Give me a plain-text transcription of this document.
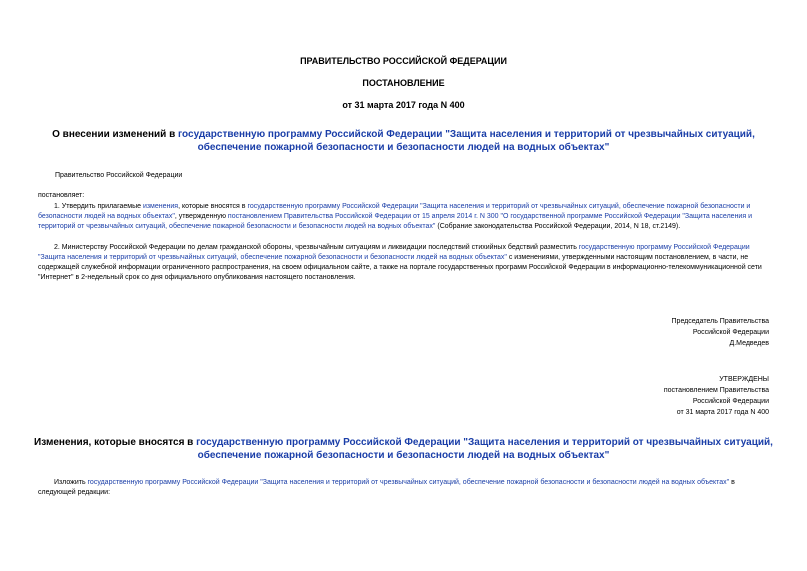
ПРАВИТЕЛЬСТВО РОССИЙСКОЙ ФЕДЕРАЦИИ
ПОСТАНОВЛЕНИЕ
от 31 марта 2017 года N 400
О внесении изменений в государственную программу Российской Федерации "Защита населения и территорий от чрезвычайных ситуаций, обеспечение пожарной безопасности и безопасности людей на водных объектах"
Правительство Российской Федерации
постановляет:

1. Утвердить прилагаемые изменения, которые вносятся в государственную программу Российской Федерации "Защита населения и территорий от чрезвычайных ситуаций, обеспечение пожарной безопасности и безопасности людей на водных объектах", утвержденную постановлением Правительства Российской Федерации от 15 апреля 2014 г. N 300 "О государственной программе Российской Федерации "Защита населения и территорий от чрезвычайных ситуаций, обеспечение пожарной безопасности и безопасности людей на водных объектах" (Собрание законодательства Российской Федерации, 2014, N 18, ст.2149).

2. Министерству Российской Федерации по делам гражданской обороны, чрезвычайным ситуациям и ликвидации последствий стихийных бедствий разместить государственную программу Российской Федерации "Защита населения и территорий от чрезвычайных ситуаций, обеспечение пожарной безопасности и безопасности людей на водных объектах" с изменениями, утвержденными настоящим постановлением, в части, не содержащей служебной информации ограниченного распространения, на своем официальном сайте, а также на портале государственных программ Российской Федерации в информационно-телекоммуникационной сети "Интернет" в 2-недельный срок со дня официального опубликования настоящего постановления.

Председатель Правительства
Российской Федерации
Д.Медведев
УТВЕРЖДЕНЫ
постановлением Правительства
Российской Федерации
от 31 марта 2017 года N 400
Изменения, которые вносятся в государственную программу Российской Федерации "Защита населения и территорий от чрезвычайных ситуаций, обеспечение пожарной безопасности и безопасности людей на водных объектах"

Изложить государственную программу Российской Федерации "Защита населения и территорий от чрезвычайных ситуаций, обеспечение пожарной безопасности и безопасности людей на водных объектах" в следующей редакции:
